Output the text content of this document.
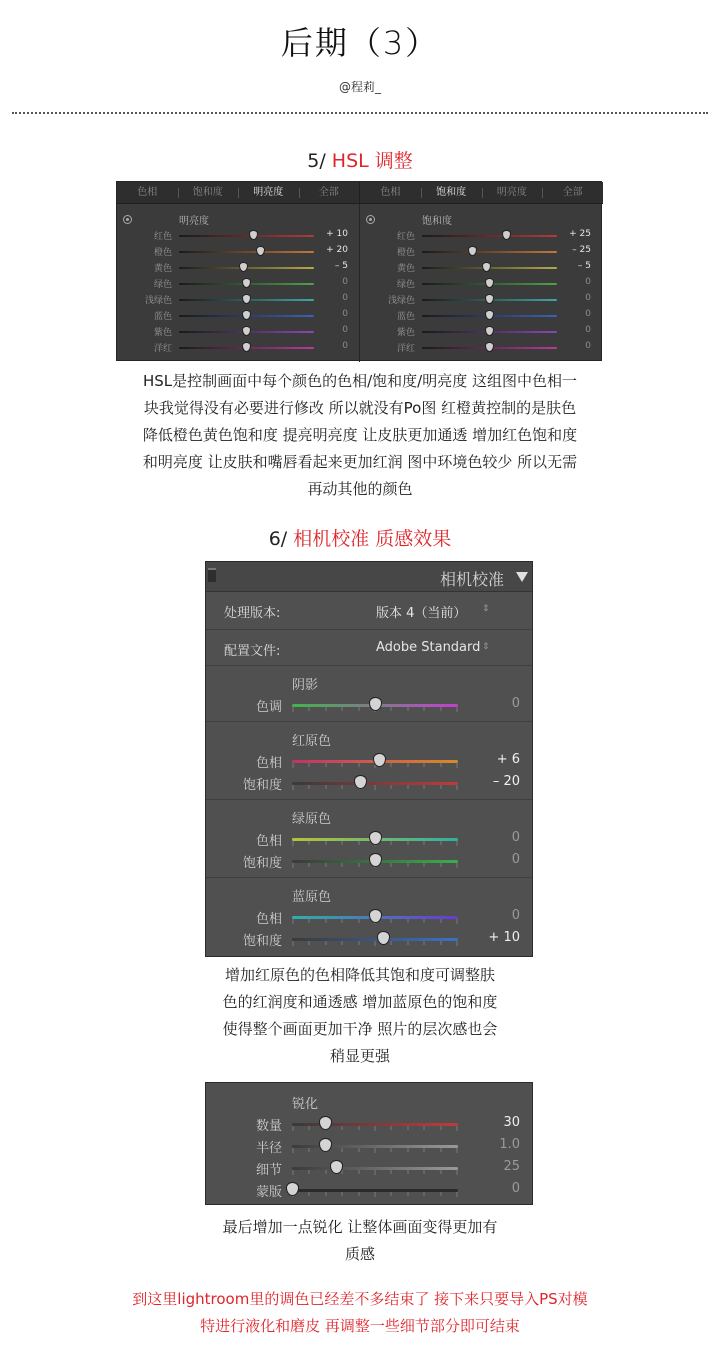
后期（3）
@程莉_
5/ HSL 调整
色相	饱和度	明亮度	全部	色相	饱和度	明亮度	全部
明亮度
红色	+ 10
橙色	+ 20
黄色	– 5
绿色	0
浅绿色	0
蓝色	0
紫色	0
洋红	0
饱和度
红色	+ 25
橙色	– 25
黄色	– 5
绿色	0
浅绿色	0
蓝色	0
紫色	0
洋红	0
HSL是控制画面中每个颜色的色相/饱和度/明亮度 这组图中色相一
块我觉得没有必要进行修改 所以就没有Po图 红橙黄控制的是肤色
降低橙色黄色饱和度 提亮明亮度 让皮肤更加通透 增加红色饱和度
和明亮度 让皮肤和嘴唇看起来更加红润 图中环境色较少 所以无需
再动其他的颜色
6/ 相机校准 质感效果
相机校准
处理版本:	版本 4（当前） ⇕
配置文件:	Adobe Standard ⇕
阴影
色调	0
红原色
色相	+ 6
饱和度	– 20
绿原色
色相	0
饱和度	0
蓝原色
色相	0
饱和度	+ 10
增加红原色的色相降低其饱和度可调整肤
色的红润度和通透感 增加蓝原色的饱和度
使得整个画面更加干净 照片的层次感也会
稍显更强
锐化
数量	30
半径	1.0
细节	25
蒙版	0
最后增加一点锐化 让整体画面变得更加有
质感
到这里lightroom里的调色已经差不多结束了 接下来只要导入PS对模
特进行液化和磨皮 再调整一些细节部分即可结束
